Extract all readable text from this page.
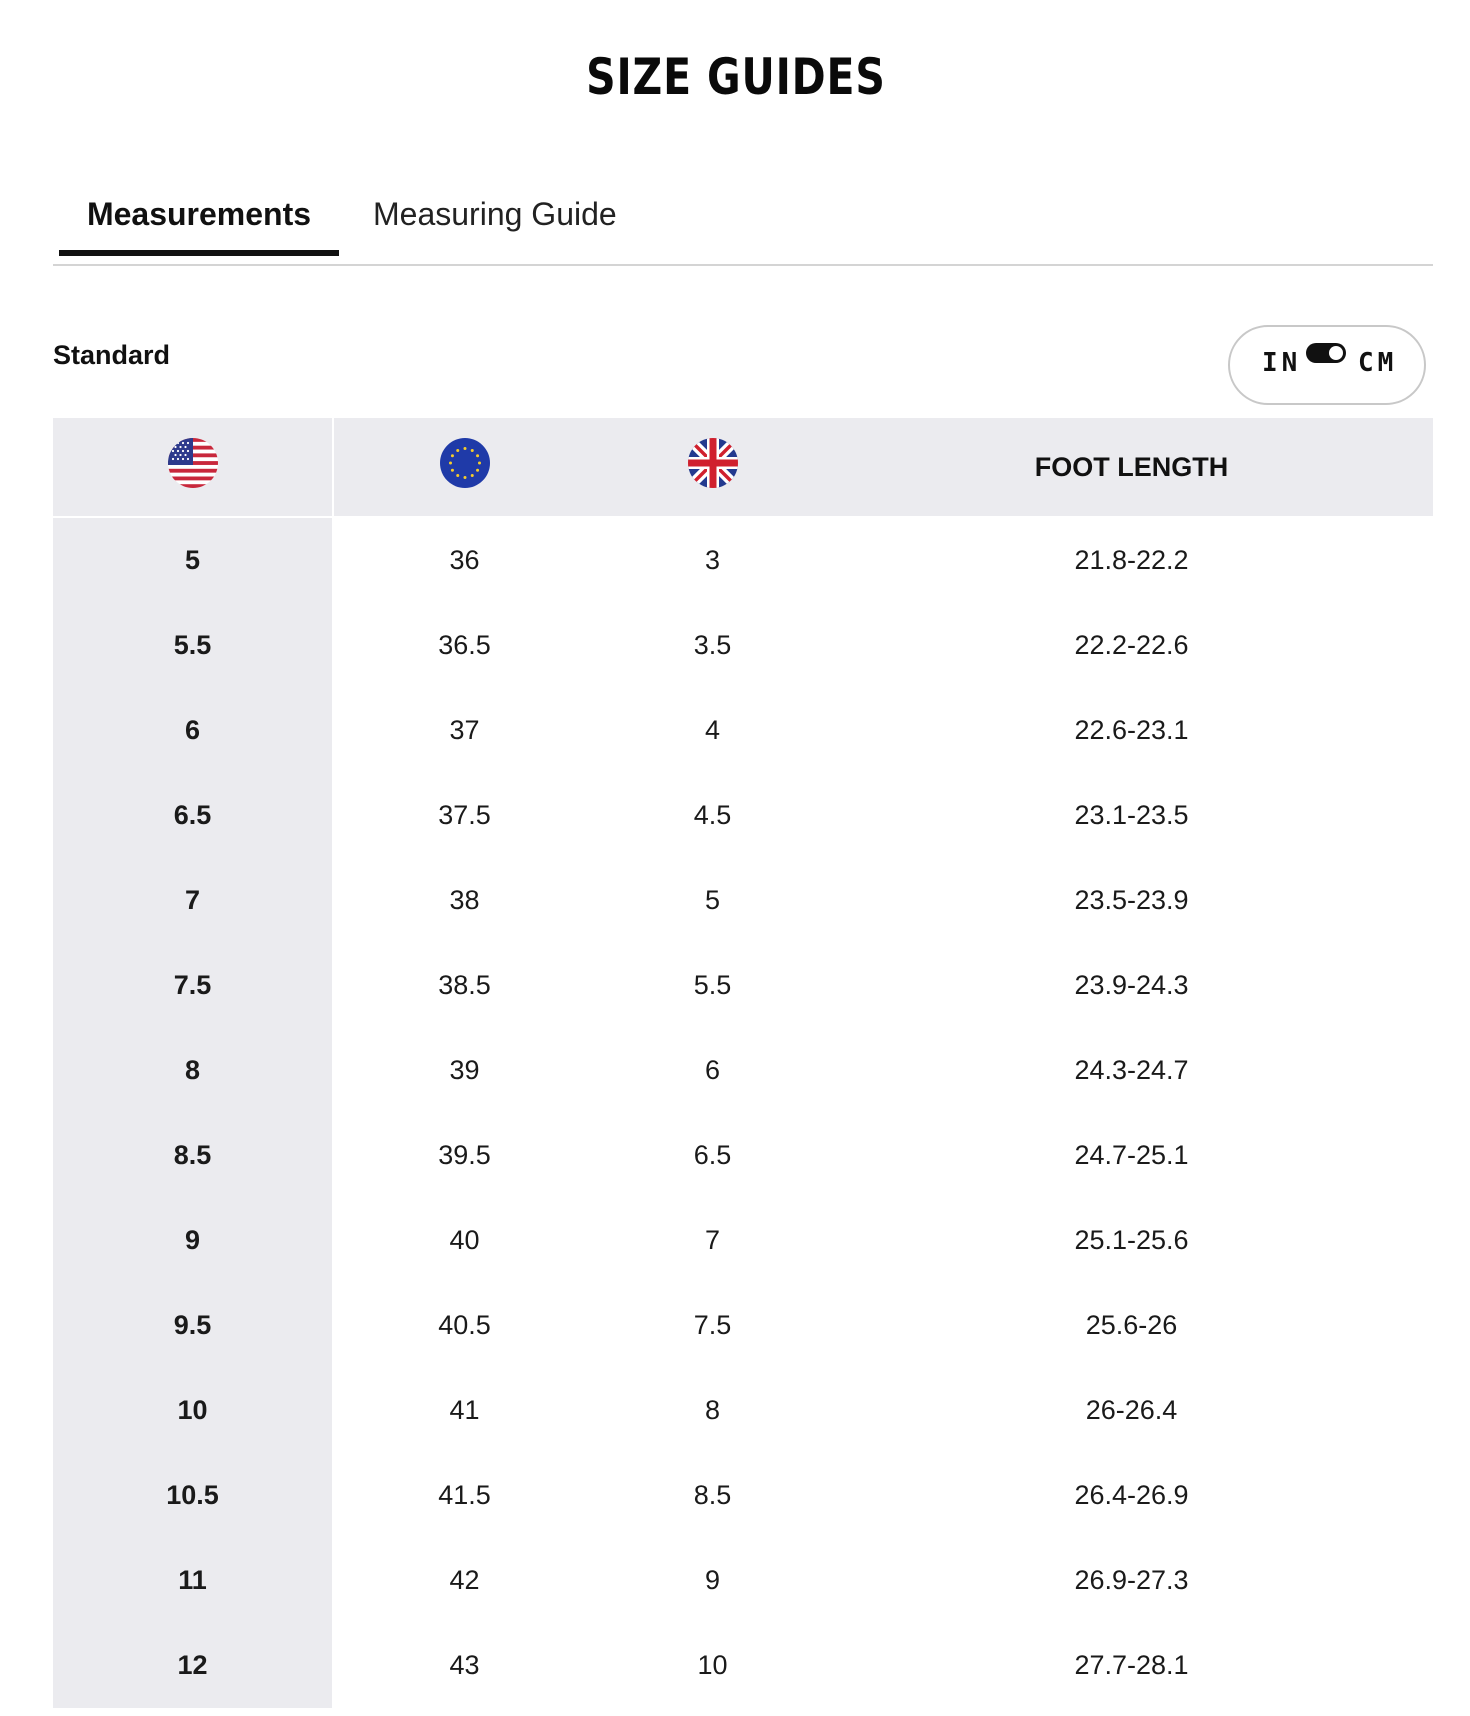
SIZE GUIDES
Measurements	Measuring Guide
Standard	IN CM
			FOOT LENGTH
5	36	3	21.8-22.2
5.5	36.5	3.5	22.2-22.6
6	37	4	22.6-23.1
6.5	37.5	4.5	23.1-23.5
7	38	5	23.5-23.9
7.5	38.5	5.5	23.9-24.3
8	39	6	24.3-24.7
8.5	39.5	6.5	24.7-25.1
9	40	7	25.1-25.6
9.5	40.5	7.5	25.6-26
10	41	8	26-26.4
10.5	41.5	8.5	26.4-26.9
11	42	9	26.9-27.3
12	43	10	27.7-28.1
